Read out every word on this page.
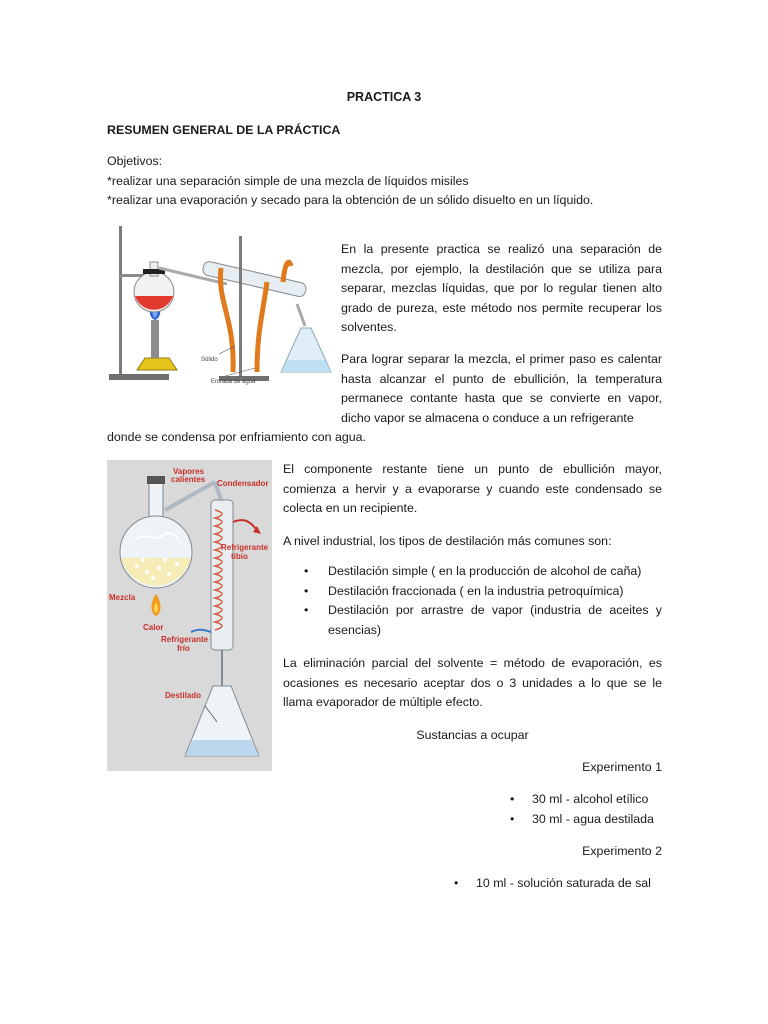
PRACTICA 3
RESUMEN GENERAL DE LA PRÁCTICA
Objetivos:
*realizar una separación simple de una mezcla de líquidos misiles
*realizar una evaporación y secado para la obtención de un sólido disuelto en un líquido.
Sólido
Entrada de agua
En la presente practica se realizó una separación de mezcla, por ejemplo, la destilación que se utiliza para separar, mezclas líquidas, que por lo regular tienen alto grado de pureza, este método nos permite recuperar los solventes.
Para lograr separar la mezcla, el primer paso es calentar hasta alcanzar el punto de ebullición, la temperatura permanece contante hasta que se convierte en vapor, dicho vapor se almacena o conduce a un refrigerante
donde se condensa por enfriamiento con agua.
Vapores
calientes Condensador
Refrigerante
tibio
Mezcla
Calor
Refrigerante
frío
Destilado
El componente restante tiene un punto de ebullición mayor, comienza a hervir y a evaporarse y cuando este condensado se colecta en un recipiente.
A nivel industrial, los tipos de destilación más comunes son:
• Destilación simple ( en la producción de alcohol de caña)
• Destilación fraccionada ( en la industria petroquímica)
• Destilación por arrastre de vapor (industria de aceites y esencias)
La eliminación parcial del solvente = método de evaporación, es ocasiones es necesario aceptar dos o 3 unidades a lo que se le llama evaporador de múltiple efecto.
Sustancias a ocupar
Experimento 1
• 30 ml - alcohol etílico
• 30 ml - agua destilada
Experimento 2
• 10 ml - solución saturada de sal
